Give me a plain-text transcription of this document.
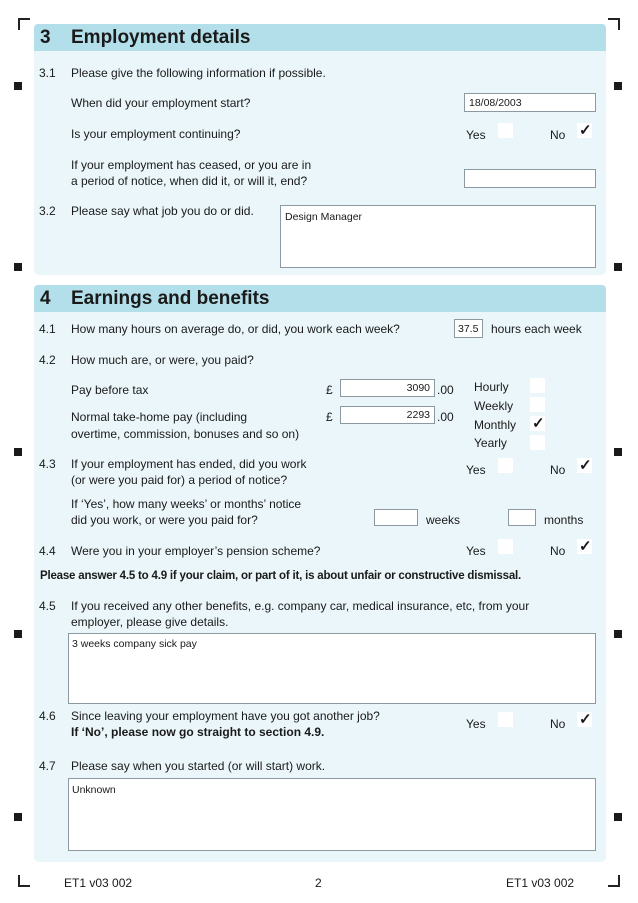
3 Employment details
3.1 Please give the following information if possible.
When did your employment start?	18/08/2003
Is your employment continuing?	Yes	No ✓
If your employment has ceased, or you are in
a period of notice, when did it, or will it, end?
3.2 Please say what job you do or did.	Design Manager
4 Earnings and benefits
4.1 How many hours on average do, or did, you work each week?	37.5 hours each week
4.2 How much are, or were, you paid?
Pay before tax	£	3090 .00
Normal take-home pay (including
overtime, commission, bonuses and so on)
£	2293 .00
Hourly
Weekly
Monthly ✓
Yearly
4.3 If your employment has ended, did you work
(or were you paid for) a period of notice?
Yes	No ✓
If ‘Yes’, how many weeks’ or months’ notice
did you work, or were you paid for?	weeks	months
4.4 Were you in your employer’s pension scheme?	Yes	No ✓
Please answer 4.5 to 4.9 if your claim, or part of it, is about unfair or constructive dismissal.
4.5 If you received any other benefits, e.g. company car, medical insurance, etc, from your
employer, please give details.
3 weeks company sick pay
4.6 Since leaving your employment have you got another job?
If ‘No’, please now go straight to section 4.9.
Yes	No ✓
4.7 Please say when you started (or will start) work.
Unknown
ET1 v03 002	2	ET1 v03 002
